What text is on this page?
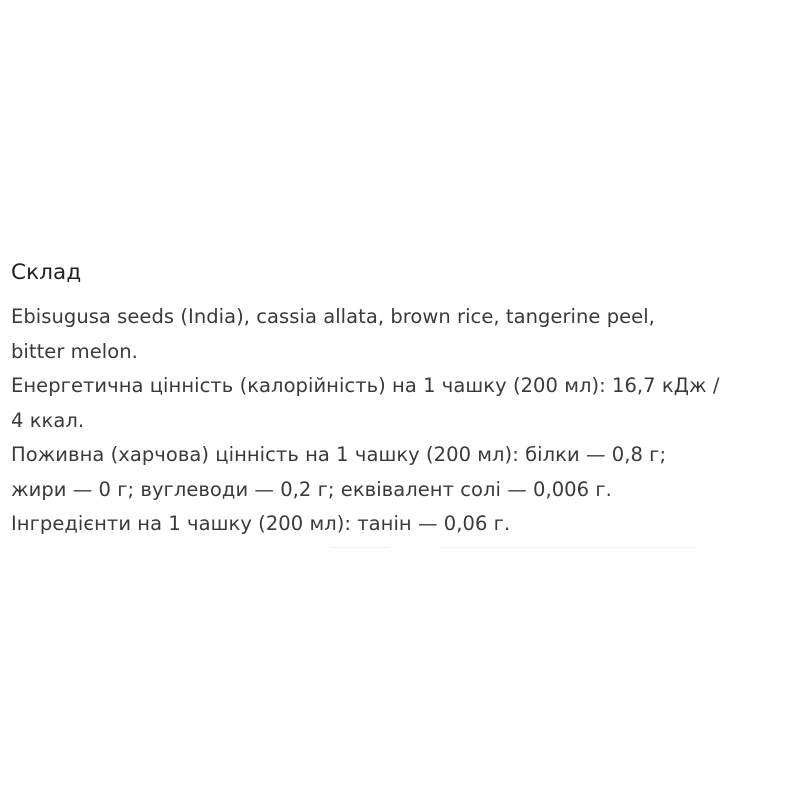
Склад
Ebisugusa seeds (India), cassia allata, brown rice, tangerine peel,
bitter melon.
Енергетична цінність (калорійність) на 1 чашку (200 мл): 16,7 кДж /
4 ккал.
Поживна (харчова) цінність на 1 чашку (200 мл): білки — 0,8 г;
жири — 0 г; вуглеводи — 0,2 г; еквівалент солі — 0,006 г.
Інгредієнти на 1 чашку (200 мл): танін — 0,06 г.
